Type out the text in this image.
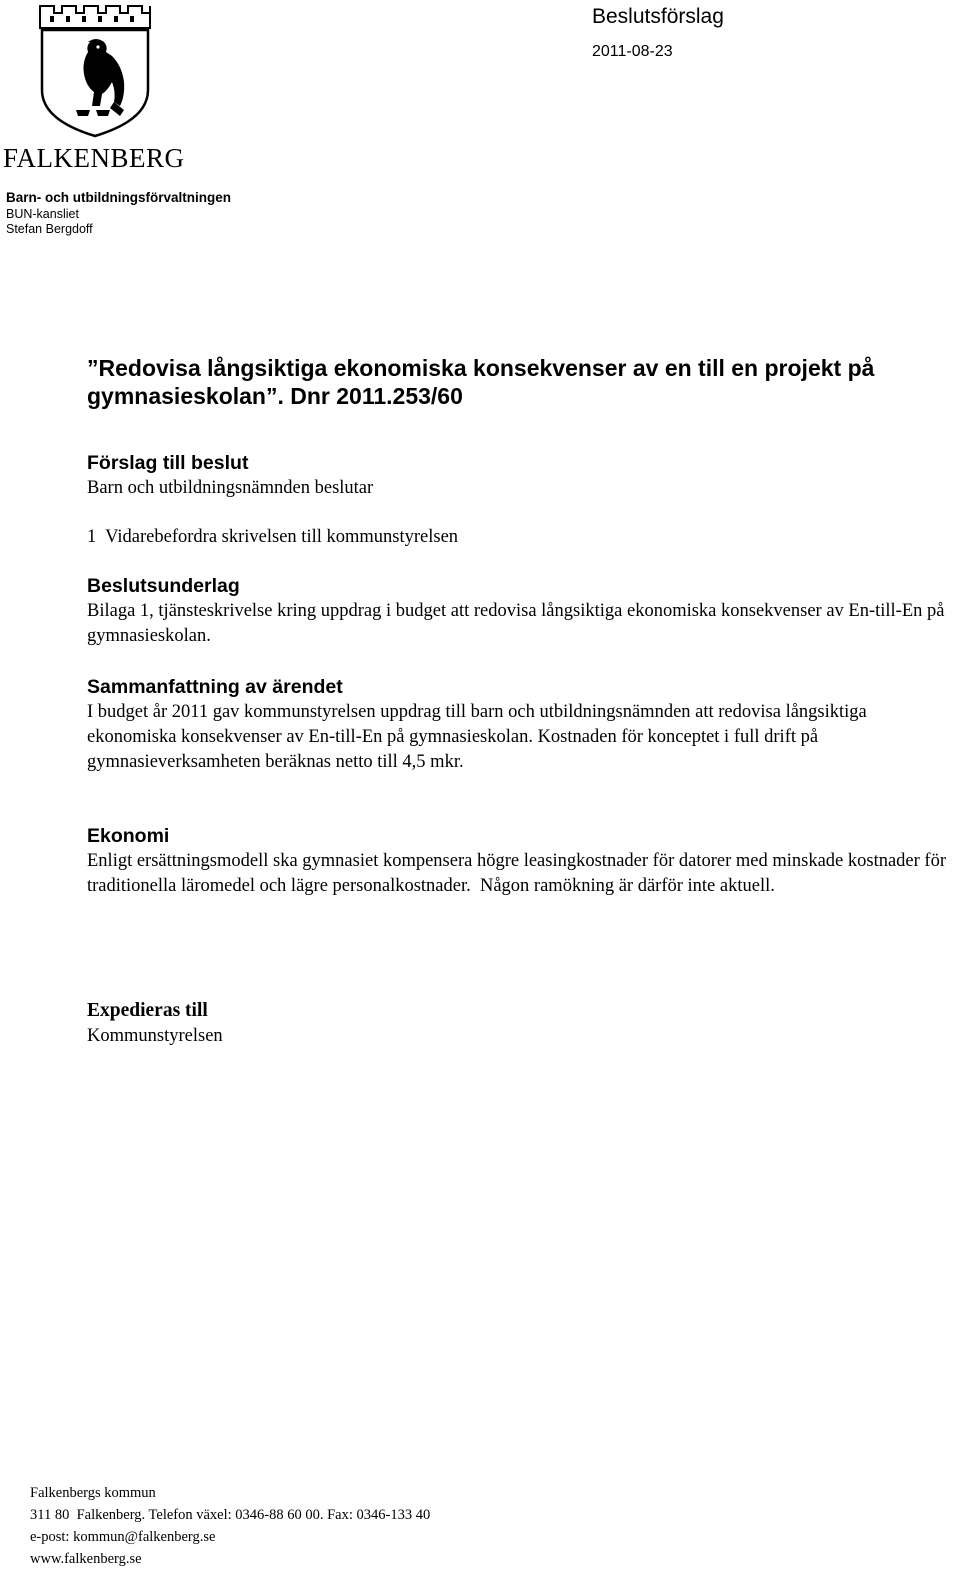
FALKENBERG
Beslutsförslag
2011-08-23
Barn- och utbildningsförvaltningen
BUN-kansliet
Stefan Bergdoff
”Redovisa långsiktiga ekonomiska konsekvenser av en till en projekt på gymnasieskolan”. Dnr 2011.253/60
Förslag till beslut
Barn och utbildningsnämnden beslutar
1  Vidarebefordra skrivelsen till kommunstyrelsen
Beslutsunderlag
Bilaga 1, tjänsteskrivelse kring uppdrag i budget att redovisa långsiktiga ekonomiska konsekvenser av En-till-En på gymnasieskolan.
Sammanfattning av ärendet
I budget år 2011 gav kommunstyrelsen uppdrag till barn och utbildningsnämnden att redovisa långsiktiga ekonomiska konsekvenser av En-till-En på gymnasieskolan. Kostnaden för konceptet i full drift på gymnasieverksamheten beräknas netto till 4,5 mkr.
Ekonomi
Enligt ersättningsmodell ska gymnasiet kompensera högre leasingkostnader för datorer med minskade kostnader för traditionella läromedel och lägre personalkostnader.  Någon ramökning är därför inte aktuell.
Expedieras till
Kommunstyrelsen
Falkenbergs kommun
311 80  Falkenberg. Telefon växel: 0346-88 60 00. Fax: 0346-133 40
e-post: kommun@falkenberg.se
www.falkenberg.se
